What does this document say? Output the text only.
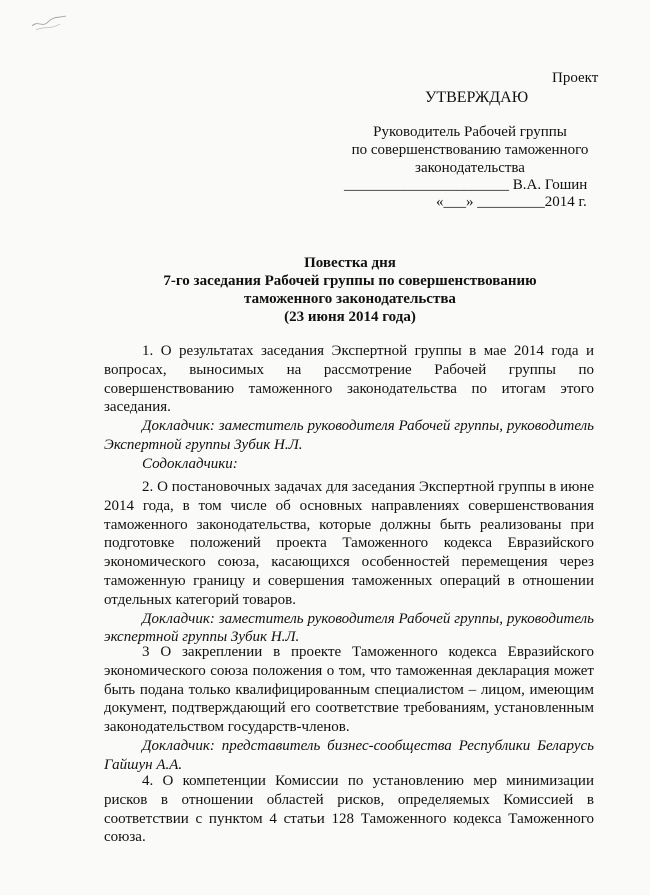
Проект
УТВЕРЖДАЮ
Руководитель Рабочей группы
по совершенствованию таможенного
законодательства
______________________ В.А. Гошин
«___» _________2014 г.
Повестка дня
7-го заседания Рабочей группы по совершенствованию
таможенного законодательства
(23 июня 2014 года)

1. О результатах заседания Экспертной группы в мае 2014 года и вопросах, выносимых на рассмотрение Рабочей группы по совершенствованию таможенного законодательства по итогам этого заседания.

Докладчик: заместитель руководителя Рабочей группы, руководитель Экспертной группы Зубик Н.Л.

Содокладчики:

2. О постановочных задачах для заседания Экспертной группы в июне 2014 года, в том числе об основных направлениях совершенствования таможенного законодательства, которые должны быть реализованы при подготовке положений проекта Таможенного кодекса Евразийского экономического союза, касающихся особенностей перемещения через таможенную границу и совершения таможенных операций в отношении отдельных категорий товаров.

Докладчик: заместитель руководителя Рабочей группы, руководитель экспертной группы Зубик Н.Л.

3 О закреплении в проекте Таможенного кодекса Евразийского экономического союза положения о том, что таможенная декларация может быть подана только квалифицированным специалистом – лицом, имеющим документ, подтверждающий его соответствие требованиям, установленным законодательством государств-членов.

Докладчик: представитель бизнес-сообщества Республики Беларусь Гайшун А.А.

4. О компетенции Комиссии по установлению мер минимизации рисков в отношении областей рисков, определяемых Комиссией в соответствии с пунктом 4 статьи 128 Таможенного кодекса Таможенного союза.
